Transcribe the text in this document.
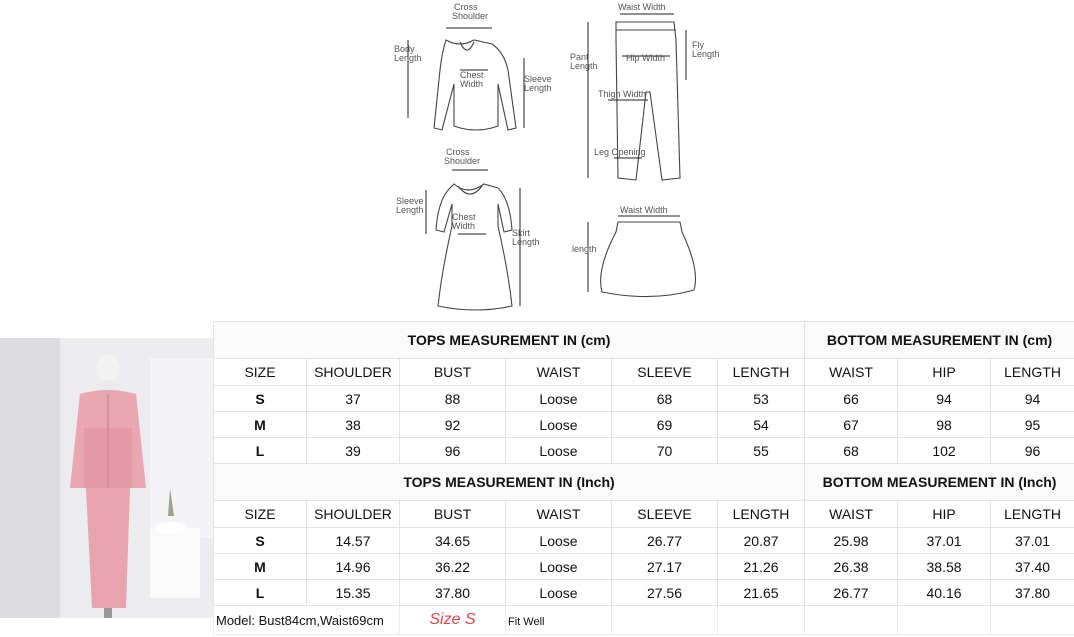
Cross Shoulder
Body Length
Chest Width	Sleeve Length
Waist Width
Pant Length
Hip Width
Fly Length
Thigh Width
Leg Opening
Cross Shoulder
Sleeve Length
Chest Width
Skirt Length
Waist Width
length
TOPS MEASUREMENT IN (cm)						BOTTOM MEASUREMENT IN (cm)		
SIZE	SHOULDER	BUST	WAIST	SLEEVE	LENGTH	WAIST	HIP	LENGTH
S	37	88	Loose	68	53	66	94	94
M	38	92	Loose	69	54	67	98	95
L	39	96	Loose	70	55	68	102	96
TOPS MEASUREMENT IN (Inch)						BOTTOM MEASUREMENT IN (Inch)		
SIZE	SHOULDER	BUST	WAIST	SLEEVE	LENGTH	WAIST	HIP	LENGTH
S	14.57	34.65	Loose	26.77	20.87	25.98	37.01	37.01
M	14.96	36.22	Loose	27.17	21.26	26.38	38.58	37.40
L	15.35	37.80	Loose	27.56	21.65	26.77	40.16	37.80
Model: Bust84cm,Waist69cm		Size S	Fit Well					
